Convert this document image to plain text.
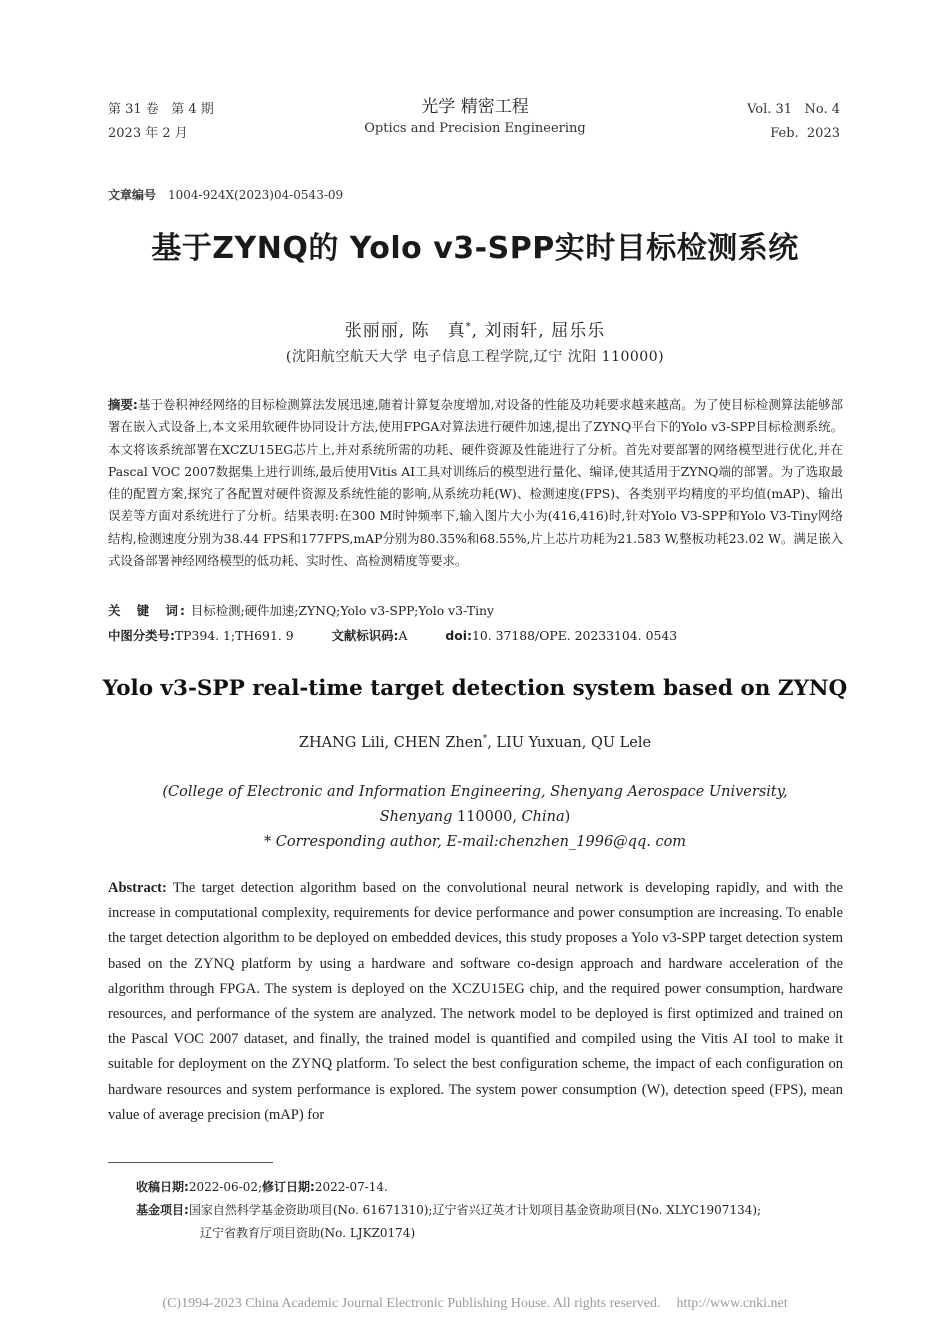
第 31 卷 第 4 期
2023 年 2 月
光学 精密工程
Optics and Precision Engineering
Vol. 31 No. 4
Feb.  2023
文章编号 1004-924X(2023)04-0543-09
基于ZYNQ的 Yolo v3-SPP实时目标检测系统
张丽丽, 陈　真*, 刘雨轩, 屈乐乐
(沈阳航空航天大学 电子信息工程学院,辽宁 沈阳 110000)
摘要:基于卷积神经网络的目标检测算法发展迅速,随着计算复杂度增加,对设备的性能及功耗要求越来越高。为了使目标检测算法能够部署在嵌入式设备上,本文采用软硬件协同设计方法,使用FPGA对算法进行硬件加速,提出了ZYNQ平台下的Yolo v3-SPP目标检测系统。本文将该系统部署在XCZU15EG芯片上,并对系统所需的功耗、硬件资源及性能进行了分析。首先对要部署的网络模型进行优化,并在Pascal VOC 2007数据集上进行训练,最后使用Vitis AI工具对训练后的模型进行量化、编译,使其适用于ZYNQ端的部署。为了选取最佳的配置方案,探究了各配置对硬件资源及系统性能的影响,从系统功耗(W)、检测速度(FPS)、各类别平均精度的平均值(mAP)、输出误差等方面对系统进行了分析。结果表明:在300 M时钟频率下,输入图片大小为(416,416)时,针对Yolo V3-SPP和Yolo V3-Tiny网络结构,检测速度分别为38.44 FPS和177FPS,mAP分别为80.35%和68.55%,片上芯片功耗为21.583 W,整板功耗23.02 W。满足嵌入式设备部署神经网络模型的低功耗、实时性、高检测精度等要求。
关　键　词: 目标检测;硬件加速;ZYNQ;Yolo v3-SPP;Yolo v3-Tiny
中图分类号:TP394. 1;TH691. 9	文献标识码:A	doi:10. 37188/OPE. 20233104. 0543
Yolo v3-SPP real-time target detection system based on ZYNQ
ZHANG Lili, CHEN Zhen*, LIU Yuxuan, QU Lele
(College of Electronic and Information Engineering, Shenyang Aerospace University,
Shenyang 110000, China)
* Corresponding author, E-mail:chenzhen_1996@qq. com
Abstract: The target detection algorithm based on the convolutional neural network is developing rapidly, and with the increase in computational complexity, requirements for device performance and power consumption are increasing. To enable the target detection algorithm to be deployed on embedded devices, this study proposes a Yolo v3-SPP target detection system based on the ZYNQ platform by using a hardware and software co-design approach and hardware acceleration of the algorithm through FPGA. The system is deployed on the XCZU15EG chip, and the required power consumption, hardware resources, and performance of the system are analyzed. The network model to be deployed is first optimized and trained on the Pascal VOC 2007 dataset, and finally, the trained model is quantified and compiled using the Vitis AI tool to make it suitable for deployment on the ZYNQ platform. To select the best configuration scheme, the impact of each configuration on hardware resources and system performance is explored. The system power consumption (W), detection speed (FPS), mean value of average precision (mAP) for
收稿日期:2022-06-02;修订日期:2022-07-14.
基金项目:国家自然科学基金资助项目(No. 61671310);辽宁省兴辽英才计划项目基金资助项目(No. XLYC1907134);
辽宁省教育厅项目资助(No. LJKZ0174)
(C)1994-2023 China Academic Journal Electronic Publishing House. All rights reserved. http://www.cnki.net
